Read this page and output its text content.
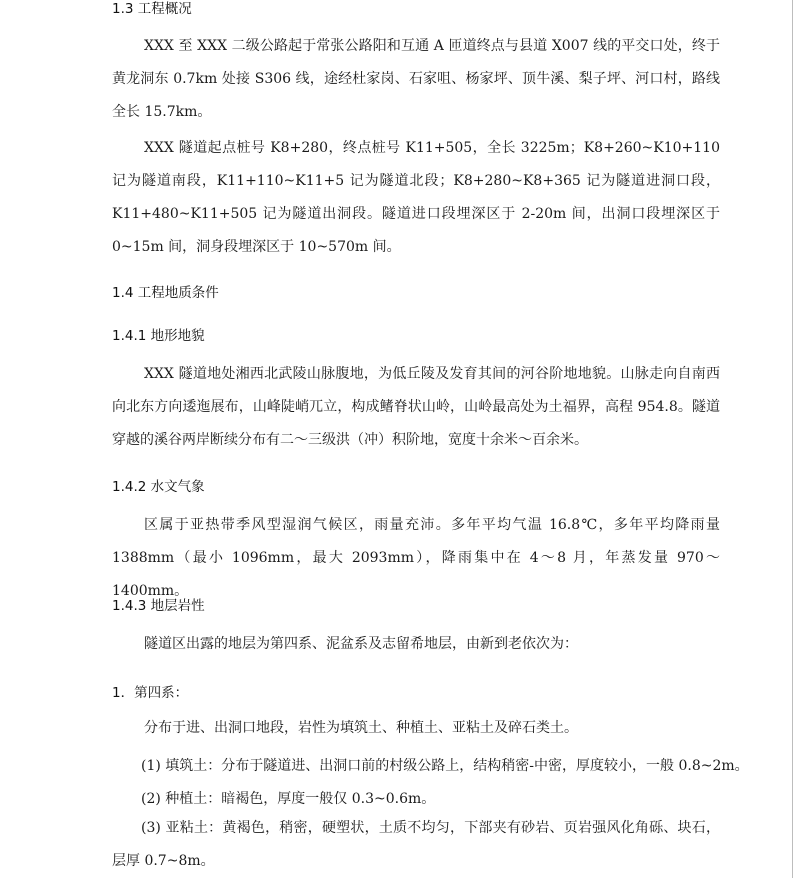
1.3 工程概况
XXX 至 XXX 二级公路起于常张公路阳和互通 A 匝道终点与县道 X007 线的平交口处，终于黄龙洞东 0.7km 处接 S306 线，途经杜家岗、石家咀、杨家坪、顶牛溪、梨子坪、河口村，路线全长 15.7km。
XXX 隧道起点桩号 K8+280，终点桩号 K11+505，全长 3225m；K8+260~K10+110 记为隧道南段，K11+110~K11+5 记为隧道北段；K8+280~K8+365 记为隧道进洞口段，K11+480~K11+505 记为隧道出洞段。隧道进口段埋深区于 2-20m 间，出洞口段埋深区于 0~15m 间，洞身段埋深区于 10~570m 间。
1.4 工程地质条件
1.4.1 地形地貌
XXX 隧道地处湘西北武陵山脉腹地，为低丘陵及发育其间的河谷阶地地貌。山脉走向自南西向北东方向逶迤展布，山峰陡峭兀立，构成鳍脊状山岭，山岭最高处为土福界，高程 954.8。隧道穿越的溪谷两岸断续分布有二～三级洪（冲）积阶地，宽度十余米～百余米。
1.4.2 水文气象
区属于亚热带季风型湿润气候区，雨量充沛。多年平均气温 16.8℃，多年平均降雨量 1388mm（最小 1096mm，最大 2093mm），降雨集中在 4～8 月，年蒸发量 970～1400mm。
1.4.3 地层岩性
隧道区出露的地层为第四系、泥盆系及志留希地层，由新到老依次为：
1．第四系：
分布于进、出洞口地段，岩性为填筑土、种植土、亚粘土及碎石类土。
(1) 填筑土：分布于隧道进、出洞口前的村级公路上，结构稍密-中密，厚度较小，一般 0.8~2m。
(2) 种植土：暗褐色，厚度一般仅 0.3~0.6m。
(3) 亚粘土：黄褐色，稍密，硬塑状，土质不均匀，下部夹有砂岩、页岩强风化角砾、块石，层厚 0.7~8m。
